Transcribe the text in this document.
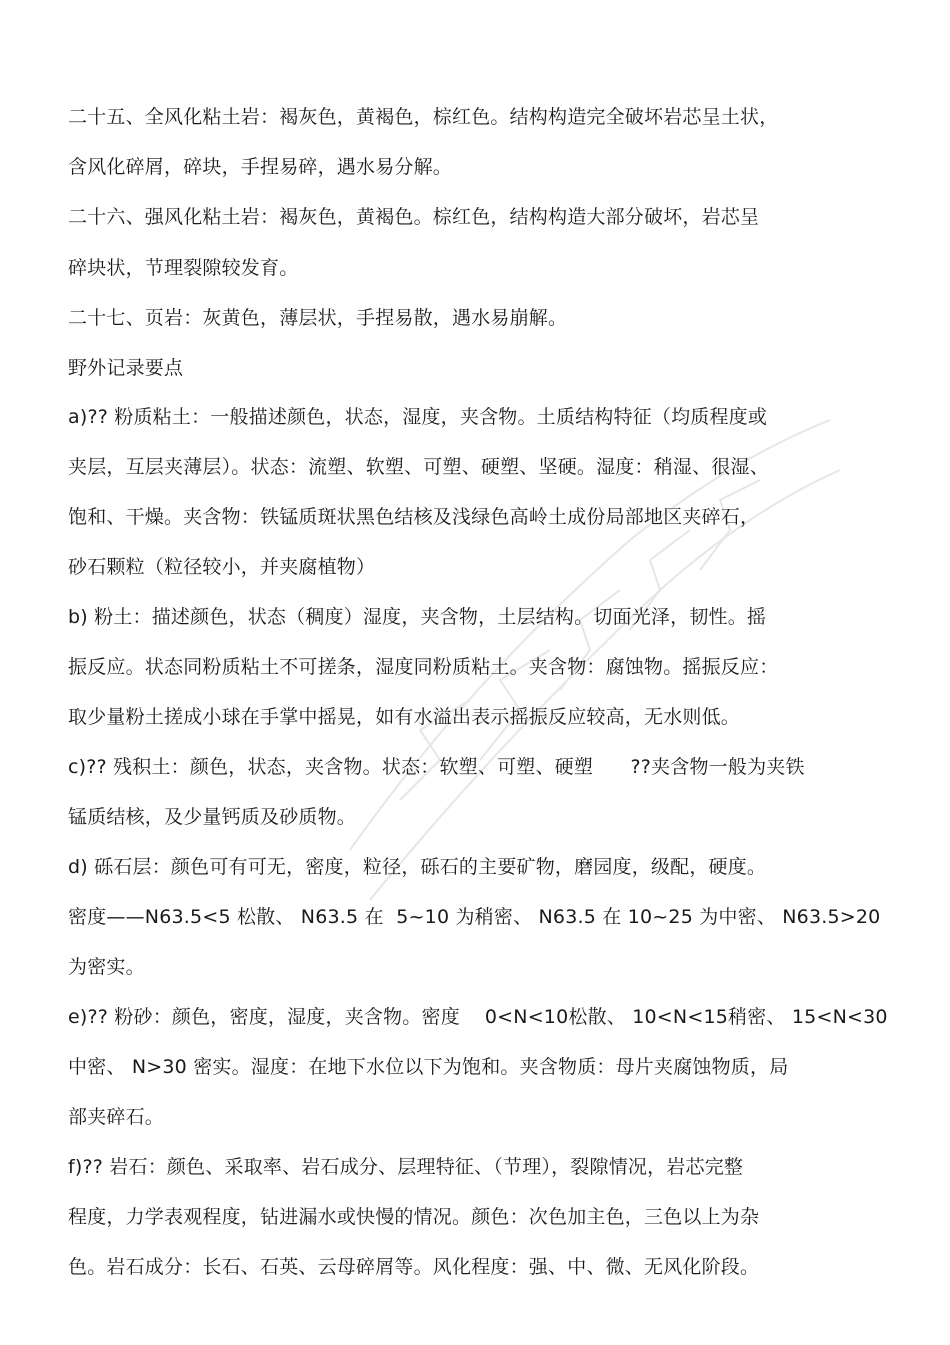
二十五、全风化粘土岩：褐灰色，黄褐色，棕红色。结构构造完全破坏岩芯呈土状，
含风化碎屑，碎块，手捏易碎，遇水易分解。
二十六、强风化粘土岩：褐灰色，黄褐色。棕红色，结构构造大部分破坏，岩芯呈
碎块状，节理裂隙较发育。
二十七、页岩：灰黄色，薄层状，手捏易散，遇水易崩解。
野外记录要点
a)?? 粉质粘土：一般描述颜色，状态，湿度，夹含物。土质结构特征（均质程度或
夹层，互层夹薄层）。状态：流塑、软塑、可塑、硬塑、坚硬。湿度：稍湿、很湿、
饱和、干燥。夹含物：铁锰质斑状黑色结核及浅绿色高岭土成份局部地区夹碎石，
砂石颗粒（粒径较小，并夹腐植物）
b) 粉土：描述颜色，状态（稠度）湿度，夹含物，土层结构。切面光泽，韧性。摇
振反应。状态同粉质粘土不可搓条，湿度同粉质粘土。夹含物：腐蚀物。摇振反应：
取少量粉土搓成小球在手掌中摇晃，如有水溢出表示摇振反应较高，无水则低。
c)?? 残积土：颜色，状态，夹含物。状态：软塑、可塑、硬塑      ??夹含物一般为夹铁
锰质结核，及少量钙质及砂质物。
d) 砾石层：颜色可有可无，密度，粒径，砾石的主要矿物，磨园度，级配，硬度。
密度——N63.5<5 松散、 N63.5 在  5~10 为稍密、 N63.5 在 10~25 为中密、 N63.5>20
为密实。
e)?? 粉砂：颜色，密度，湿度，夹含物。密度    0<N<10松散、 10<N<15稍密、 15<N<30
中密、 N>30 密实。湿度：在地下水位以下为饱和。夹含物质：母片夹腐蚀物质，局
部夹碎石。
f)?? 岩石：颜色、采取率、岩石成分、层理特征、（节理），裂隙情况，岩芯完整
程度，力学表观程度，钻进漏水或快慢的情况。颜色：次色加主色，三色以上为杂
色。岩石成分：长石、石英、云母碎屑等。风化程度：强、中、微、无风化阶段。
